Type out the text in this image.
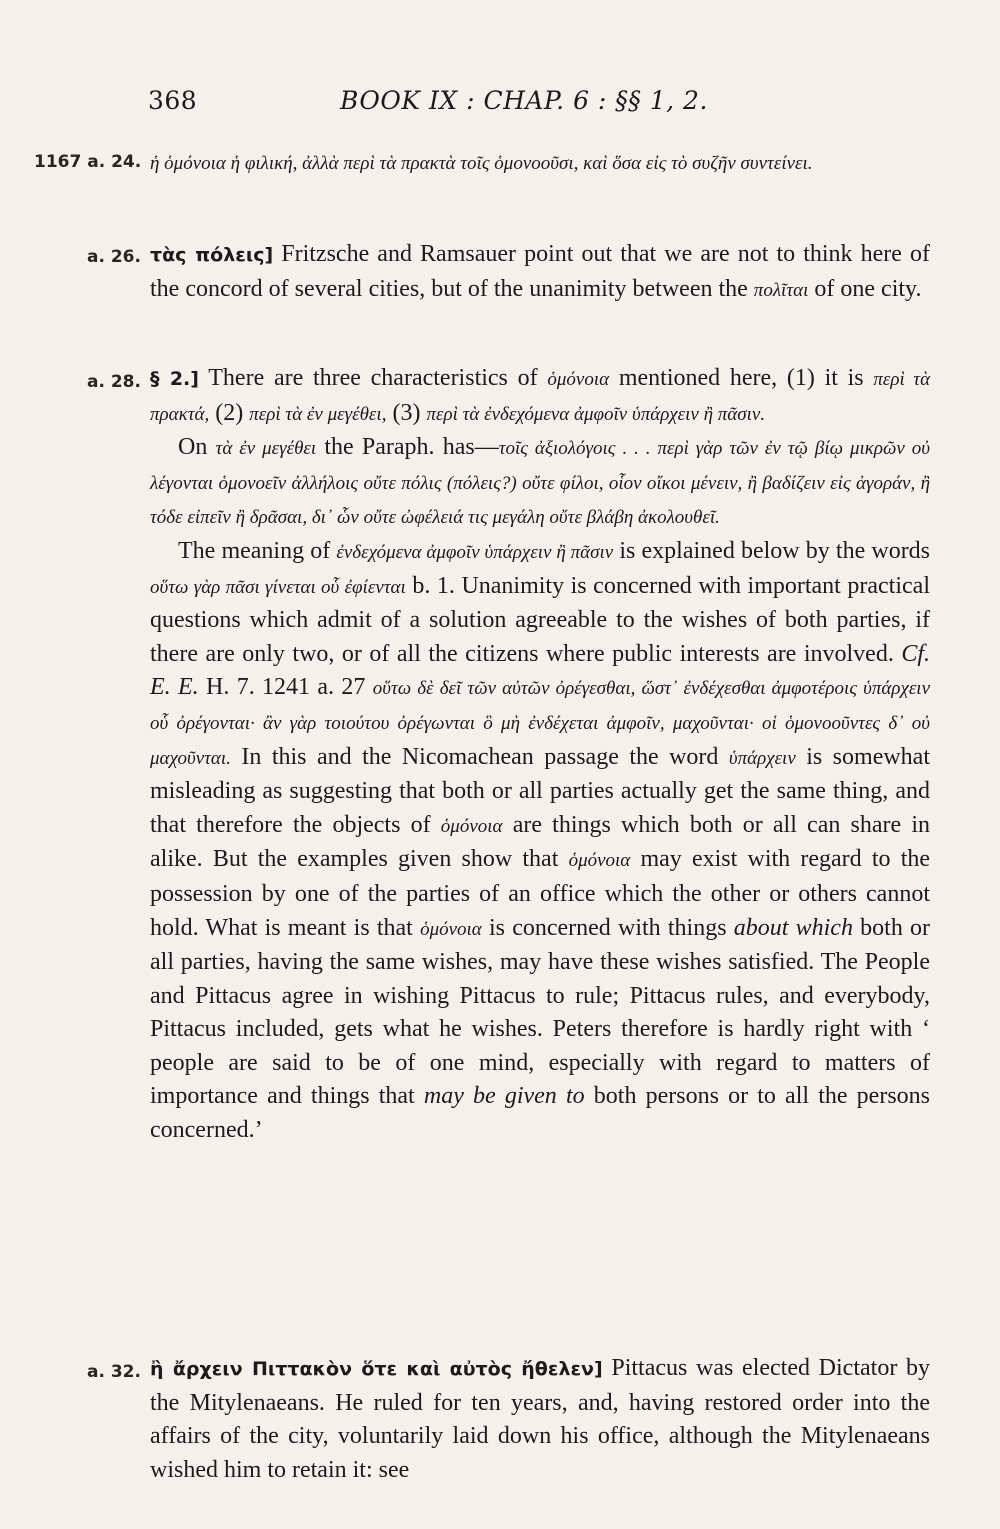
368	BOOK IX : CHAP. 6 : §§ 1, 2.
1167 a. 24. ἡ ὁμόνοια ἡ φιλική, ἀλλὰ περὶ τὰ πρακτὰ τοῖς ὁμονοοῦσι, καὶ ὅσα εἰς τὸ συζῆν συντείνει.
a. 26. τὰς πόλεις] Fritzsche and Ramsauer point out that we are not to think here of the concord of several cities, but of the unanimity between the πολῖται of one city.

a. 28. § 2.] There are three characteristics of ὁμόνοια mentioned here, (1) it is περὶ τὰ πρακτά, (2) περὶ τὰ ἐν μεγέθει, (3) περὶ τὰ ἐνδεχόμενα ἀμφοῖν ὑπάρχειν ἢ πᾶσιν.

On τὰ ἐν μεγέθει the Paraph. has—τοῖς ἀξιολόγοις . . . περὶ γὰρ τῶν ἐν τῷ βίῳ μικρῶν οὐ λέγονται ὁμονοεῖν ἀλλήλοις οὔτε πόλις (πόλεις?) οὔτε φίλοι, οἷον οἴκοι μένειν, ἢ βαδίζειν εἰς ἀγοράν, ἢ τόδε εἰπεῖν ἢ δρᾶσαι, δι᾽ ὧν οὔτε ὠφέλειά τις μεγάλη οὔτε βλάβη ἀκολουθεῖ.

The meaning of ἐνδεχόμενα ἀμφοῖν ὑπάρχειν ἢ πᾶσιν is explained below by the words οὕτω γὰρ πᾶσι γίνεται οὗ ἐφίενται b. 1. Unanimity is concerned with important practical questions which admit of a solution agreeable to the wishes of both parties, if there are only two, or of all the citizens where public interests are involved. Cf. E. E. H. 7. 1241 a. 27 οὕτω δὲ δεῖ τῶν αὐτῶν ὀρέγεσθαι, ὥστ᾽ ἐνδέχεσθαι ἀμφοτέροις ὑπάρχειν οὗ ὀρέγονται· ἂν γὰρ τοιούτου ὀρέγωνται ὃ μὴ ἐνδέχεται ἀμφοῖν, μαχοῦνται· οἱ ὁμονοοῦντες δ᾽ οὐ μαχοῦνται. In this and the Nicomachean passage the word ὑπάρχειν is somewhat misleading as suggesting that both or all parties actually get the same thing, and that therefore the objects of ὁμόνοια are things which both or all can share in alike. But the examples given show that ὁμόνοια may exist with regard to the possession by one of the parties of an office which the other or others cannot hold. What is meant is that ὁμόνοια is concerned with things about which both or all parties, having the same wishes, may have these wishes satisfied. The People and Pittacus agree in wishing Pittacus to rule; Pittacus rules, and everybody, Pittacus included, gets what he wishes. Peters therefore is hardly right with ‘ people are said to be of one mind, especially with regard to matters of importance and things that may be given to both persons or to all the persons concerned.’

a. 32. ἢ ἄρχειν Πιττακὸν ὅτε καὶ αὐτὸς ἤθελεν] Pittacus was elected Dictator by the Mitylenaeans. He ruled for ten years, and, having restored order into the affairs of the city, voluntarily laid down his office, although the Mitylenaeans wished him to retain it: see
